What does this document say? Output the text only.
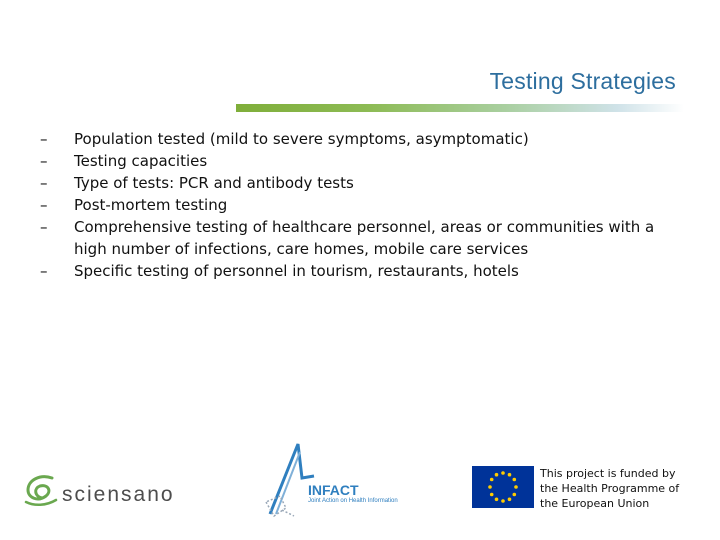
Testing Strategies
–	Population tested (mild to severe symptoms, asymptomatic)
–	Testing capacities
–	Type of tests: PCR and antibody tests
–	Post-mortem testing
–	Comprehensive testing of healthcare personnel, areas or communities with a high number of infections, care homes, mobile care services
–	Specific testing of personnel in tourism, restaurants, hotels
sciensano	INFACT
Joint Action on Health Information
This project is funded by
the Health Programme of
the European Union
